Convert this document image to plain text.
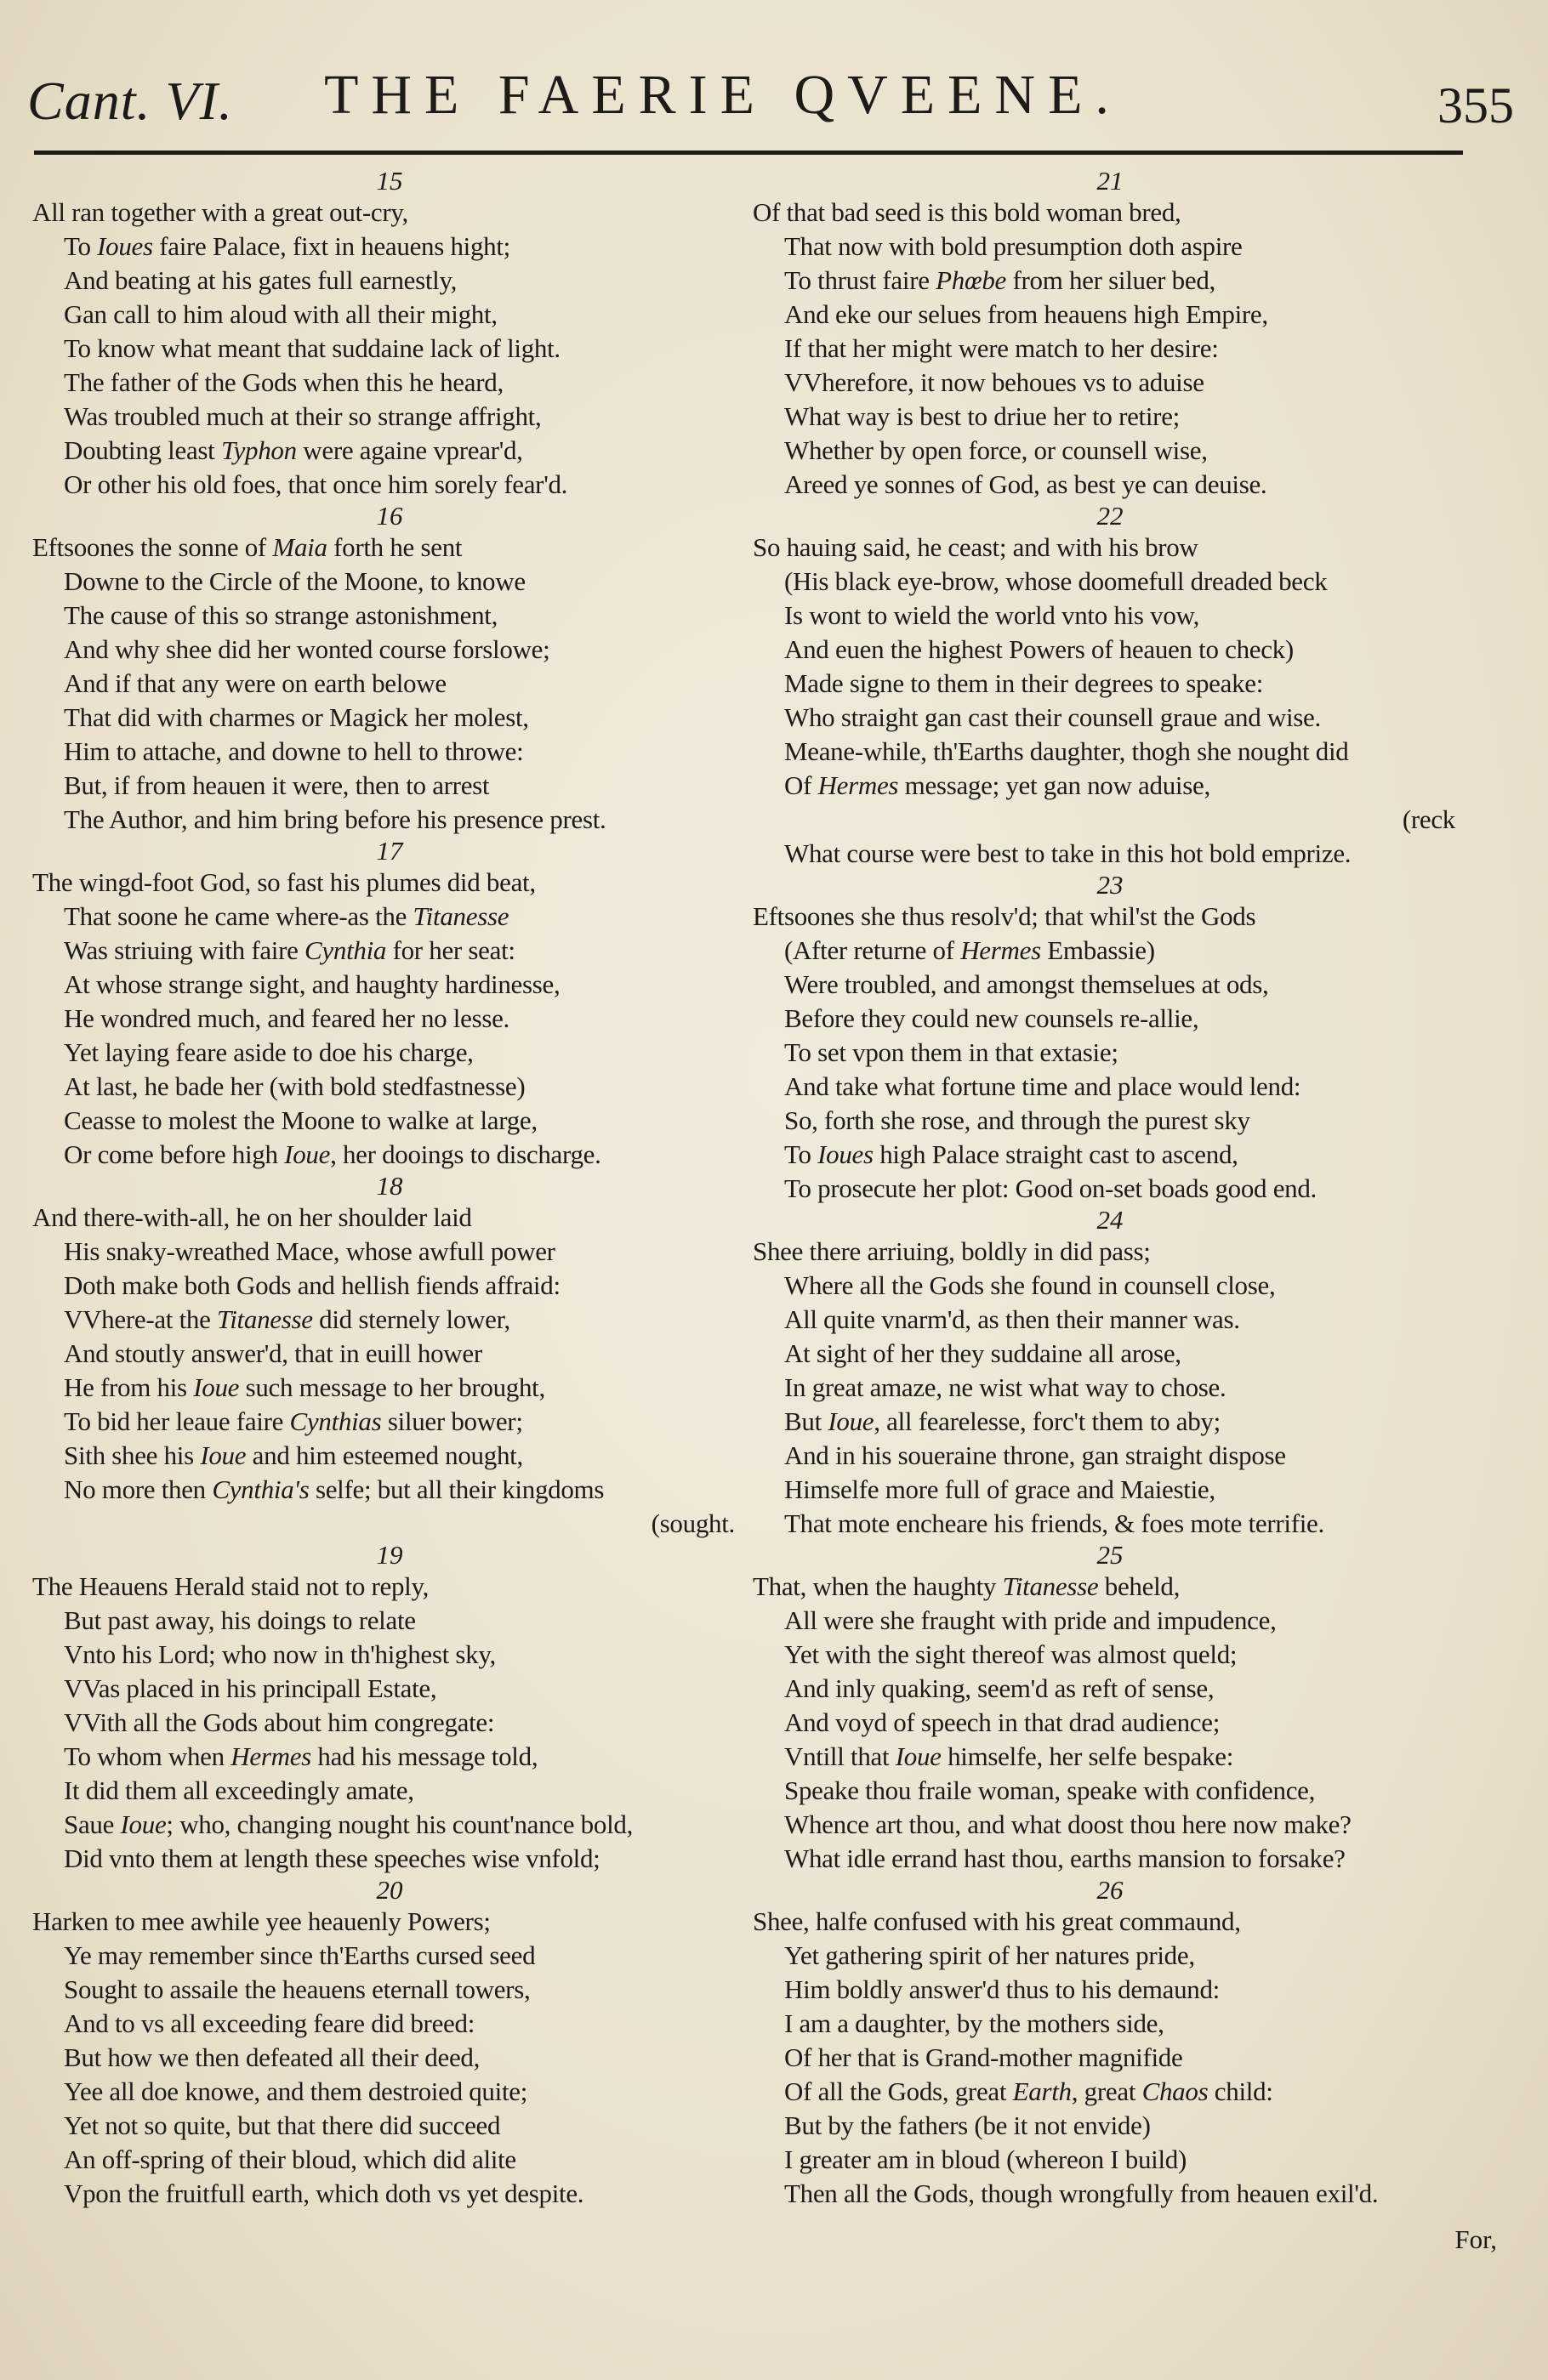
Cant. VI.	THE FAERIE QVEENE.	355
15
All ran together with a great out-cry,
To Ioues faire Palace, fixt in heauens hight;
And beating at his gates full earnestly,
Gan call to him aloud with all their might,
To know what meant that suddaine lack of light.
The father of the Gods when this he heard,
Was troubled much at their so strange affright,
Doubting least Typhon were againe vprear'd,
Or other his old foes, that once him sorely fear'd.
16
Eftsoones the sonne of Maia forth he sent
Downe to the Circle of the Moone, to knowe
The cause of this so strange astonishment,
And why shee did her wonted course forslowe;
And if that any were on earth belowe
That did with charmes or Magick her molest,
Him to attache, and downe to hell to throwe:
But, if from heauen it were, then to arrest
The Author, and him bring before his presence prest.
17
The wingd-foot God, so fast his plumes did beat,
That soone he came where-as the Titanesse
Was striuing with faire Cynthia for her seat:
At whose strange sight, and haughty hardinesse,
He wondred much, and feared her no lesse.
Yet laying feare aside to doe his charge,
At last, he bade her (with bold stedfastnesse)
Ceasse to molest the Moone to walke at large,
Or come before high Ioue, her dooings to discharge.
18
And there-with-all, he on her shoulder laid
His snaky-wreathed Mace, whose awfull power
Doth make both Gods and hellish fiends affraid:
VVhere-at the Titanesse did sternely lower,
And stoutly answer'd, that in euill hower
He from his Ioue such message to her brought,
To bid her leaue faire Cynthias siluer bower;
Sith shee his Ioue and him esteemed nought,
No more then Cynthia's selfe; but all their kingdoms
(sought.
19
The Heauens Herald staid not to reply,
But past away, his doings to relate
Vnto his Lord; who now in th'highest sky,
VVas placed in his principall Estate,
VVith all the Gods about him congregate:
To whom when Hermes had his message told,
It did them all exceedingly amate,
Saue Ioue; who, changing nought his count'nance bold,
Did vnto them at length these speeches wise vnfold;
20
Harken to mee awhile yee heauenly Powers;
Ye may remember since th'Earths cursed seed
Sought to assaile the heauens eternall towers,
And to vs all exceeding feare did breed:
But how we then defeated all their deed,
Yee all doe knowe, and them destroied quite;
Yet not so quite, but that there did succeed
An off-spring of their bloud, which did alite
Vpon the fruitfull earth, which doth vs yet despite.
21
Of that bad seed is this bold woman bred,
That now with bold presumption doth aspire
To thrust faire Phœbe from her siluer bed,
And eke our selues from heauens high Empire,
If that her might were match to her desire:
VVherefore, it now behoues vs to aduise
What way is best to driue her to retire;
Whether by open force, or counsell wise,
Areed ye sonnes of God, as best ye can deuise.
22
So hauing said, he ceast; and with his brow
(His black eye-brow, whose doomefull dreaded beck
Is wont to wield the world vnto his vow,
And euen the highest Powers of heauen to check)
Made signe to them in their degrees to speake:
Who straight gan cast their counsell graue and wise.
Meane-while, th'Earths daughter, thogh she nought did
Of Hermes message; yet gan now aduise,
(reck
What course were best to take in this hot bold emprize.
23
Eftsoones she thus resolv'd; that whil'st the Gods
(After returne of Hermes Embassie)
Were troubled, and amongst themselues at ods,
Before they could new counsels re-allie,
To set vpon them in that extasie;
And take what fortune time and place would lend:
So, forth she rose, and through the purest sky
To Ioues high Palace straight cast to ascend,
To prosecute her plot: Good on-set boads good end.
24
Shee there arriuing, boldly in did pass;
Where all the Gods she found in counsell close,
All quite vnarm'd, as then their manner was.
At sight of her they suddaine all arose,
In great amaze, ne wist what way to chose.
But Ioue, all fearelesse, forc't them to aby;
And in his soueraine throne, gan straight dispose
Himselfe more full of grace and Maiestie,
That mote encheare his friends, & foes mote terrifie.
25
That, when the haughty Titanesse beheld,
All were she fraught with pride and impudence,
Yet with the sight thereof was almost queld;
And inly quaking, seem'd as reft of sense,
And voyd of speech in that drad audience;
Vntill that Ioue himselfe, her selfe bespake:
Speake thou fraile woman, speake with confidence,
Whence art thou, and what doost thou here now make?
What idle errand hast thou, earths mansion to forsake?
26
Shee, halfe confused with his great commaund,
Yet gathering spirit of her natures pride,
Him boldly answer'd thus to his demaund:
I am a daughter, by the mothers side,
Of her that is Grand-mother magnifide
Of all the Gods, great Earth, great Chaos child:
But by the fathers (be it not envide)
I greater am in bloud (whereon I build)
Then all the Gods, though wrongfully from heauen exil'd.
For,
